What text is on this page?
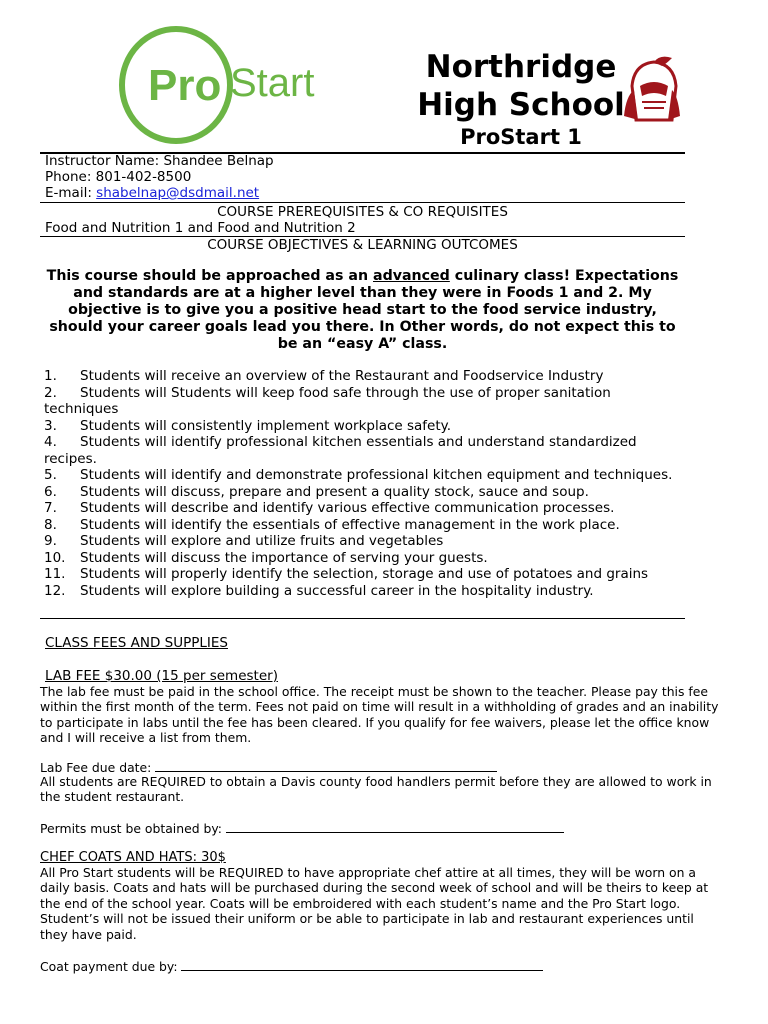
Pro Start	Northridge
High School
ProStart 1
Instructor Name: Shandee Belnap
Phone: 801-402-8500
E-mail: shabelnap@dsdmail.net
COURSE PREREQUISITES & CO REQUISITES
Food and Nutrition 1 and Food and Nutrition 2
COURSE OBJECTIVES & LEARNING OUTCOMES
This course should be approached as an advanced culinary class! Expectations and standards are at a higher level than they were in Foods 1 and 2. My objective is to give you a positive head start to the food service industry, should your career goals lead you there. In Other words, do not expect this to be an “easy A” class.
1. Students will receive an overview of the Restaurant and Foodservice Industry
2. Students will Students will keep food safe through the use of proper sanitation techniques
3. Students will consistently implement workplace safety.
4. Students will identify professional kitchen essentials and understand standardized recipes.
5. Students will identify and demonstrate professional kitchen equipment and techniques.
6. Students will discuss, prepare and present a quality stock, sauce and soup.
7. Students will describe and identify various effective communication processes.
8. Students will identify the essentials of effective management in the work place.
9. Students will explore and utilize fruits and vegetables
10. Students will discuss the importance of serving your guests.
11. Students will properly identify the selection, storage and use of potatoes and grains
12. Students will explore building a successful career in the hospitality industry.
CLASS FEES AND SUPPLIES
LAB FEE $30.00 (15 per semester)
The lab fee must be paid in the school office. The receipt must be shown to the teacher. Please pay this fee within the first month of the term. Fees not paid on time will result in a withholding of grades and an inability to participate in labs until the fee has been cleared. If you qualify for fee waivers, please let the office know and I will receive a list from them.
Lab Fee due date:
All students are REQUIRED to obtain a Davis county food handlers permit before they are allowed to work in the student restaurant.
Permits must be obtained by:
CHEF COATS AND HATS: 30$
All Pro Start students will be REQUIRED to have appropriate chef attire at all times, they will be worn on a daily basis. Coats and hats will be purchased during the second week of school and will be theirs to keep at the end of the school year. Coats will be embroidered with each student’s name and the Pro Start logo. Student’s will not be issued their uniform or be able to participate in lab and restaurant experiences until they have paid.
Coat payment due by:
